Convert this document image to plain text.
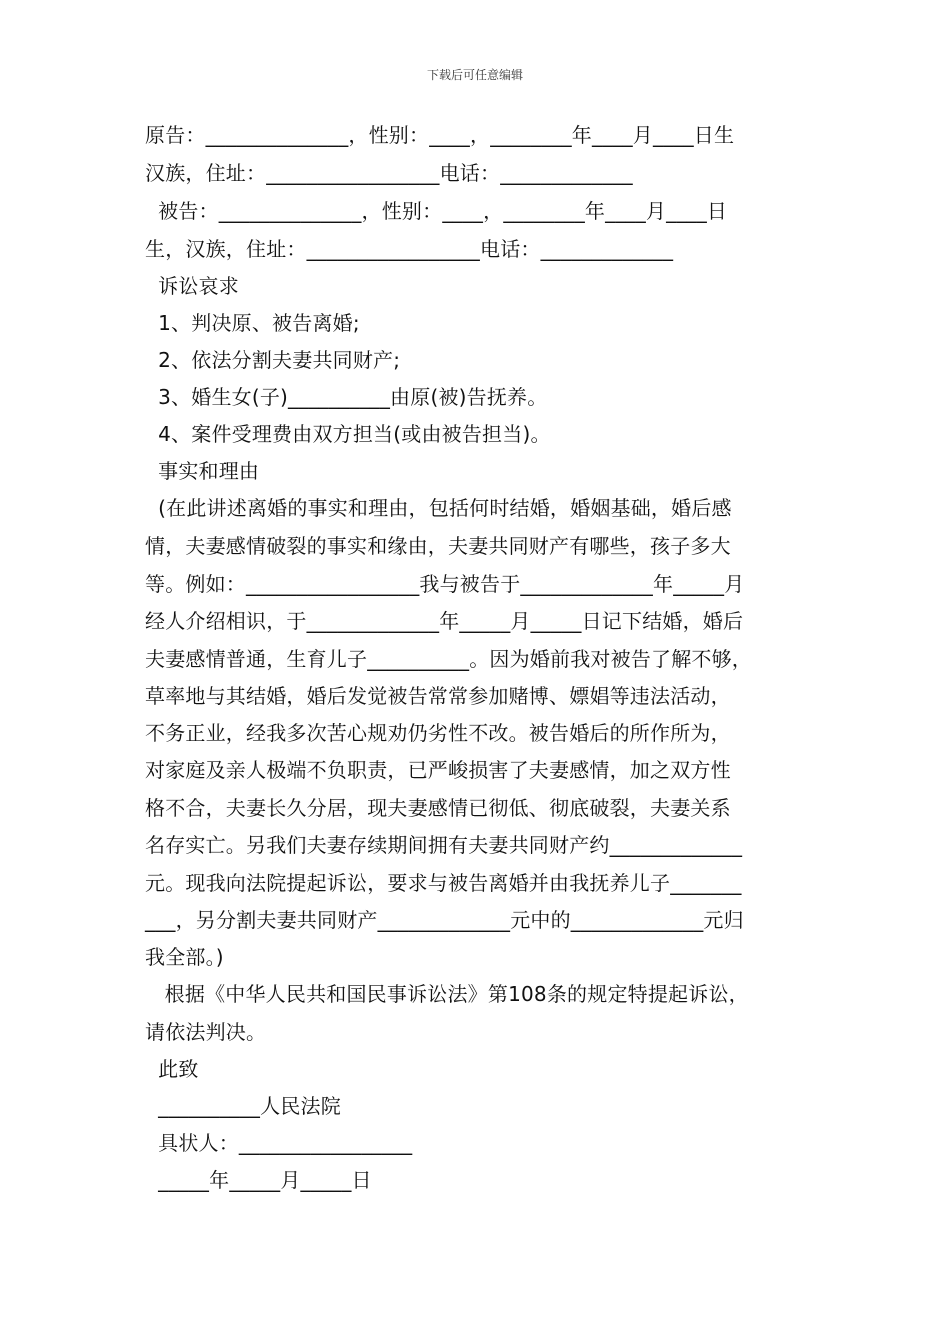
下载后可任意编辑
原告：______________，性别：____，________年____月____日生
汉族，住址：_________________电话：_____________
被告：______________，性别：____，________年____月____日
生，汉族，住址：_________________电话：_____________
诉讼哀求
1、判决原、被告离婚;
2、依法分割夫妻共同财产;
3、婚生女(子)__________由原(被)告抚养。
4、案件受理费由双方担当(或由被告担当)。
事实和理由
(在此讲述离婚的事实和理由，包括何时结婚，婚姻基础，婚后感
情，夫妻感情破裂的事实和缘由，夫妻共同财产有哪些，孩子多大
等。例如：_________________我与被告于_____________年_____月
经人介绍相识，于_____________年_____月_____日记下结婚，婚后
夫妻感情普通，生育儿子__________。因为婚前我对被告了解不够，
草率地与其结婚，婚后发觉被告常常参加赌博、嫖娼等违法活动，
不务正业，经我多次苦心规劝仍劣性不改。被告婚后的所作所为，
对家庭及亲人极端不负职责，已严峻损害了夫妻感情，加之双方性
格不合，夫妻长久分居，现夫妻感情已彻低、彻底破裂，夫妻关系
名存实亡。另我们夫妻存续期间拥有夫妻共同财产约_____________
元。现我向法院提起诉讼，要求与被告离婚并由我抚养儿子_______
___，另分割夫妻共同财产_____________元中的_____________元归
我全部。)
根据《中华人民共和国民事诉讼法》第108条的规定特提起诉讼，
请依法判决。
此致
__________人民法院
具状人：_________________
_____年_____月_____日
